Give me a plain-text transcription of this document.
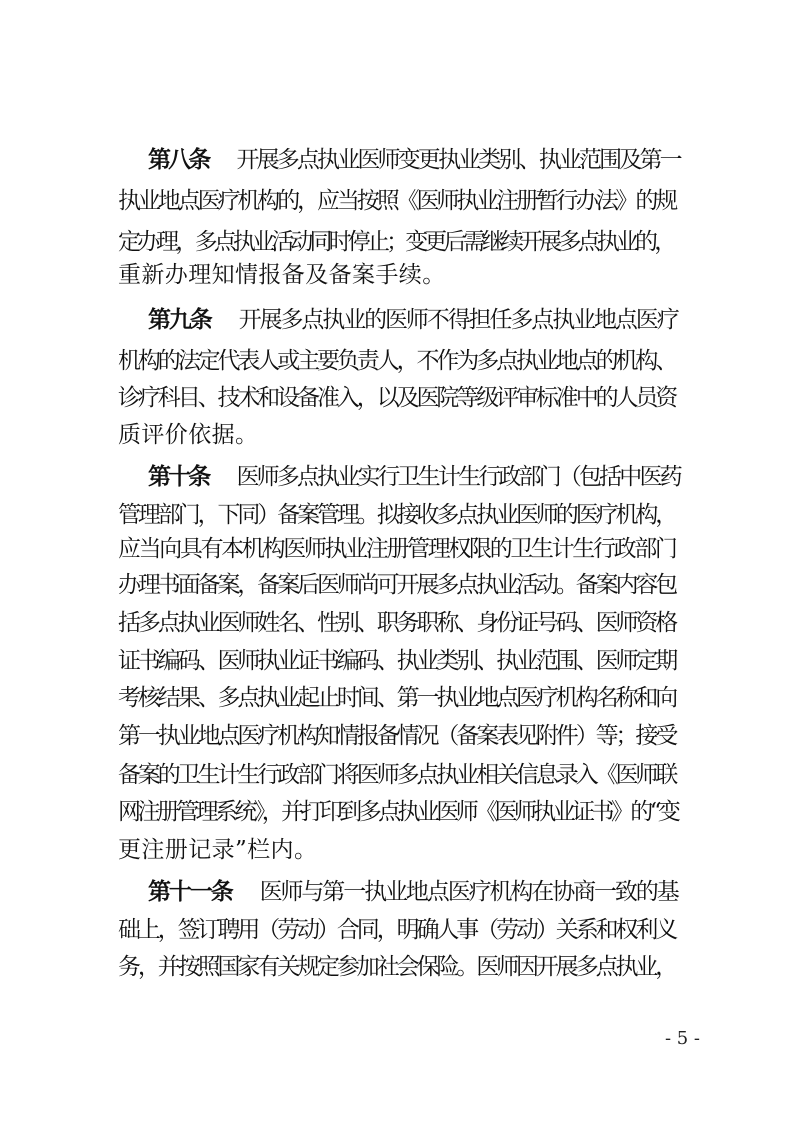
第八条 开展多点执业医师变更执业类别、执业范围及第一
执业地点医疗机构的，应当按照《医师执业注册暂行办法》的规
定办理，多点执业活动同时停止；变更后需继续开展多点执业的，
重新办理知情报备及备案手续。
第九条 开展多点执业的医师不得担任多点执业地点医疗
机构的法定代表人或主要负责人，不作为多点执业地点的机构、
诊疗科目、技术和设备准入，以及医院等级评审标准中的人员资
质评价依据。
第十条 医师多点执业实行卫生计生行政部门（包括中医药
管理部门，下同）备案管理。拟接收多点执业医师的医疗机构，
应当向具有本机构医师执业注册管理权限的卫生计生行政部门
办理书面备案，备案后医师尚可开展多点执业活动。备案内容包
括多点执业医师姓名、性别、职务职称、身份证号码、医师资格
证书编码、医师执业证书编码、执业类别、执业范围、医师定期
考核结果、多点执业起止时间、第一执业地点医疗机构名称和向
第一执业地点医疗机构知情报备情况（备案表见附件）等；接受
备案的卫生计生行政部门将医师多点执业相关信息录入《医师联
网注册管理系统》，并打印到多点执业医师《医师执业证书》的“变
更注册记录”栏内。
第十一条 医师与第一执业地点医疗机构在协商一致的基
础上，签订聘用（劳动）合同，明确人事（劳动）关系和权利义
务，并按照国家有关规定参加社会保险。医师因开展多点执业，
- 5 -
